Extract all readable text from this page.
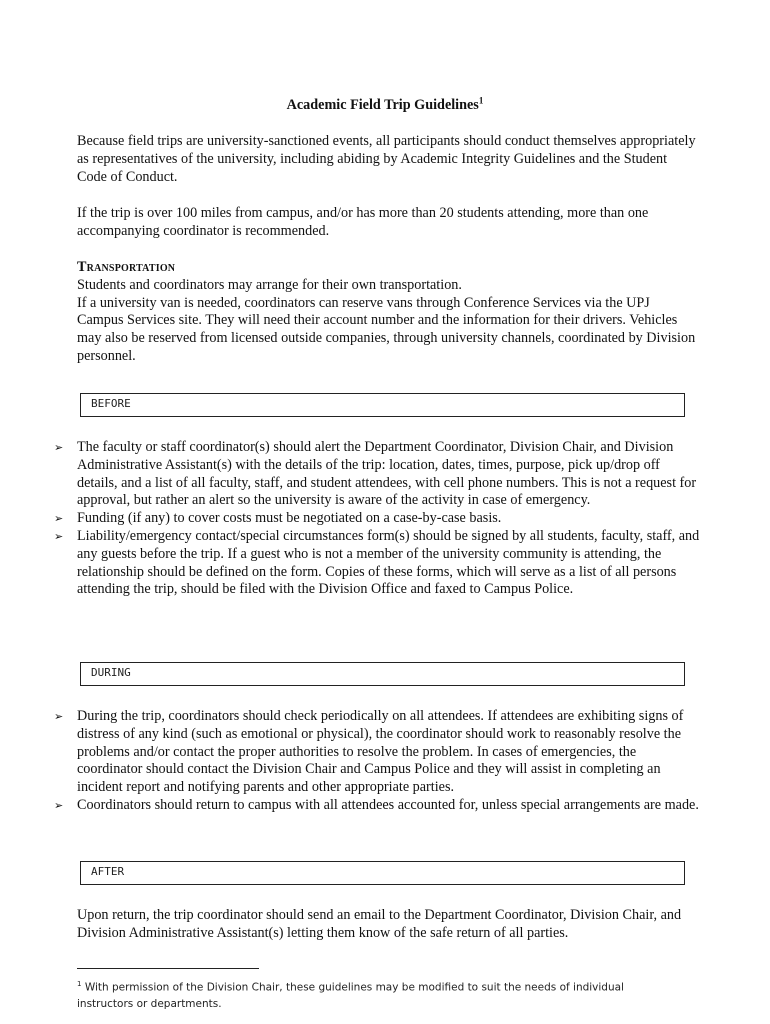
Academic Field Trip Guidelines$^1$

Because field trips are university-sanctioned events, all participants should conduct themselves appropriately as representatives of the university, including abiding by Academic Integrity Guidelines and the Student Code of Conduct.

If the trip is over 100 miles from campus, and/or has more than 20 students attending, more than one accompanying coordinator is recommended.

Transportation
Students and coordinators may arrange for their own transportation.
If a university van is needed, coordinators can reserve vans through Conference Services via the UPJ Campus Services site. They will need their account number and the information for their drivers. Vehicles may also be reserved from licensed outside companies, through university channels, coordinated by Division personnel.
BEFORE
➢ The faculty or staff coordinator(s) should alert the Department Coordinator, Division Chair, and Division Administrative Assistant(s) with the details of the trip: location, dates, times, purpose, pick up/drop off details, and a list of all faculty, staff, and student attendees, with cell phone numbers. This is not a request for approval, but rather an alert so the university is aware of the activity in case of emergency.
➢ Funding (if any) to cover costs must be negotiated on a case-by-case basis.
➢ Liability/emergency contact/special circumstances form(s) should be signed by all students, faculty, staff, and any guests before the trip. If a guest who is not a member of the university community is attending, the relationship should be defined on the form. Copies of these forms, which will serve as a list of all persons attending the trip, should be filed with the Division Office and faxed to Campus Police.
DURING
➢ During the trip, coordinators should check periodically on all attendees. If attendees are exhibiting signs of distress of any kind (such as emotional or physical), the coordinator should work to reasonably resolve the problems and/or contact the proper authorities to resolve the problem. In cases of emergencies, the coordinator should contact the Division Chair and Campus Police and they will assist in completing an incident report and notifying parents and other appropriate parties.
➢ Coordinators should return to campus with all attendees accounted for, unless special arrangements are made.
AFTER

Upon return, the trip coordinator should send an email to the Department Coordinator, Division Chair, and Division Administrative Assistant(s) letting them know of the safe return of all parties.

$^1$ With permission of the Division Chair, these guidelines may be modified to suit the needs of individual instructors or departments.
